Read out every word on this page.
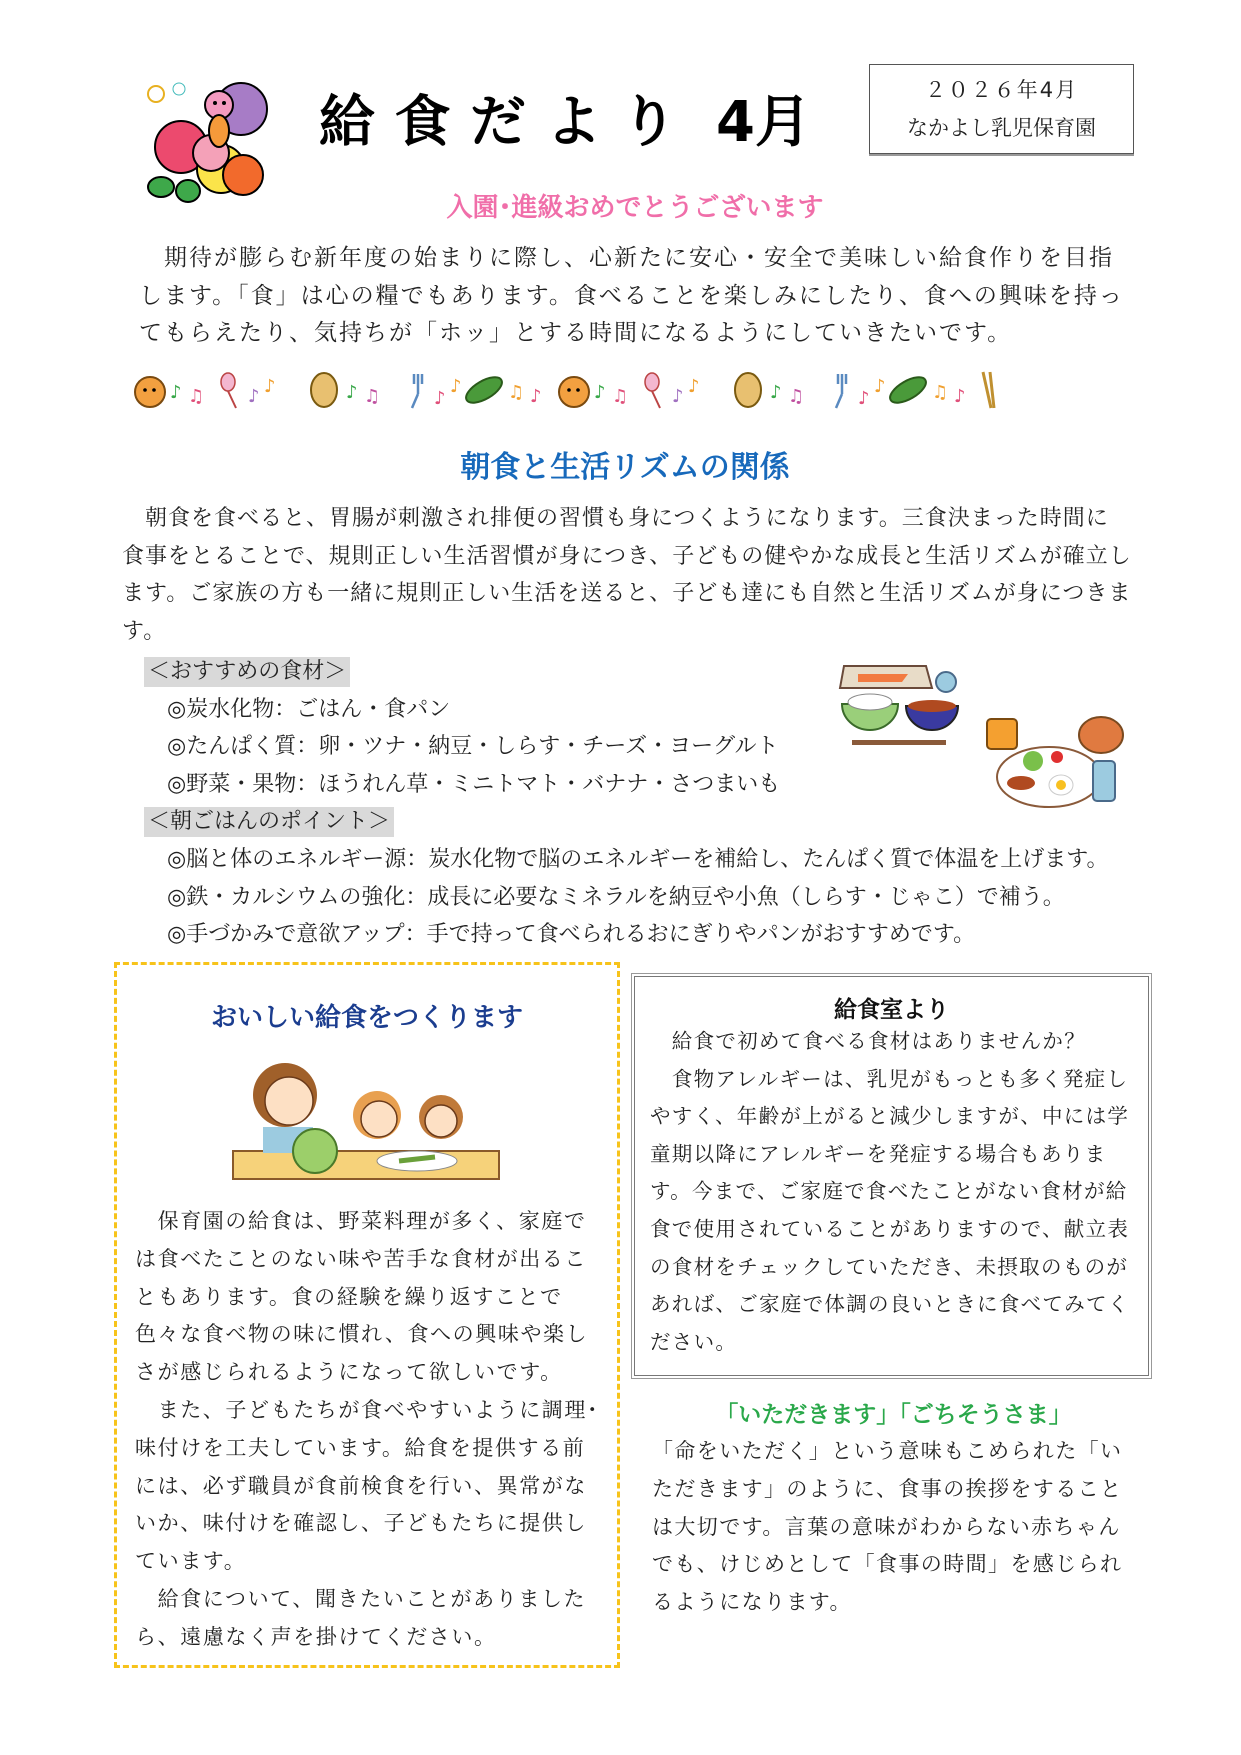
給 食 だ よ り  4月	２０２６年4月
なかよし乳児保育園
入園･進級おめでとうございます
　期待が膨らむ新年度の始まりに際し、心新たに安心・安全で美味しい給食作りを目指
します。「食」は心の糧でもあります。食べることを楽しみにしたり、食への興味を持っ
てもらえたり、気持ちが「ホッ」とする時間になるようにしていきたいです。
♪ ♫ ♪ ♪	♪ ♫	♪
♪	♫ ♪
朝食と生活リズムの関係
　朝食を食べると、胃腸が刺激され排便の習慣も身につくようになります。三食決まった時間に
食事をとることで、規則正しい生活習慣が身につき、子どもの健やかな成長と生活リズムが確立し
ます。ご家族の方も一緒に規則正しい生活を送ると、子ども達にも自然と生活リズムが身につきま
す。
＜おすすめの食材＞
◎炭水化物：ごはん・食パン
◎たんぱく質：卵・ツナ・納豆・しらす・チーズ・ヨーグルト
◎野菜・果物：ほうれん草・ミニトマト・バナナ・さつまいも
＜朝ごはんのポイント＞
◎脳と体のエネルギー源：炭水化物で脳のエネルギーを補給し、たんぱく質で体温を上げます。
◎鉄・カルシウムの強化：成長に必要なミネラルを納豆や小魚（しらす・じゃこ）で補う。
◎手づかみで意欲アップ：手で持って食べられるおにぎりやパンがおすすめです。
おいしい給食をつくります
　保育園の給食は、野菜料理が多く、家庭で
は食べたことのない味や苦手な食材が出るこ
ともあります。食の経験を繰り返すことで
色々な食べ物の味に慣れ、食への興味や楽し
さが感じられるようになって欲しいです。
　また、子どもたちが食べやすいように調理･
味付けを工夫しています。給食を提供する前
には、必ず職員が食前検食を行い、異常がな
いか、味付けを確認し、子どもたちに提供し
ています。
　給食について、聞きたいことがありました
ら、遠慮なく声を掛けてください。
給食室より
　給食で初めて食べる食材はありませんか？
　食物アレルギーは、乳児がもっとも多く発症し
やすく、年齢が上がると減少しますが、中には学
童期以降にアレルギーを発症する場合もありま
す。今まで、ご家庭で食べたことがない食材が給
食で使用されていることがありますので、献立表
の食材をチェックしていただき、未摂取のものが
あれば、ご家庭で体調の良いときに食べてみてく
ださい。
「いただきます」「ごちそうさま」
「命をいただく」という意味もこめられた「い
ただきます」のように、食事の挨拶をすること
は大切です。言葉の意味がわからない赤ちゃん
でも、けじめとして「食事の時間」を感じられ
るようになります。
